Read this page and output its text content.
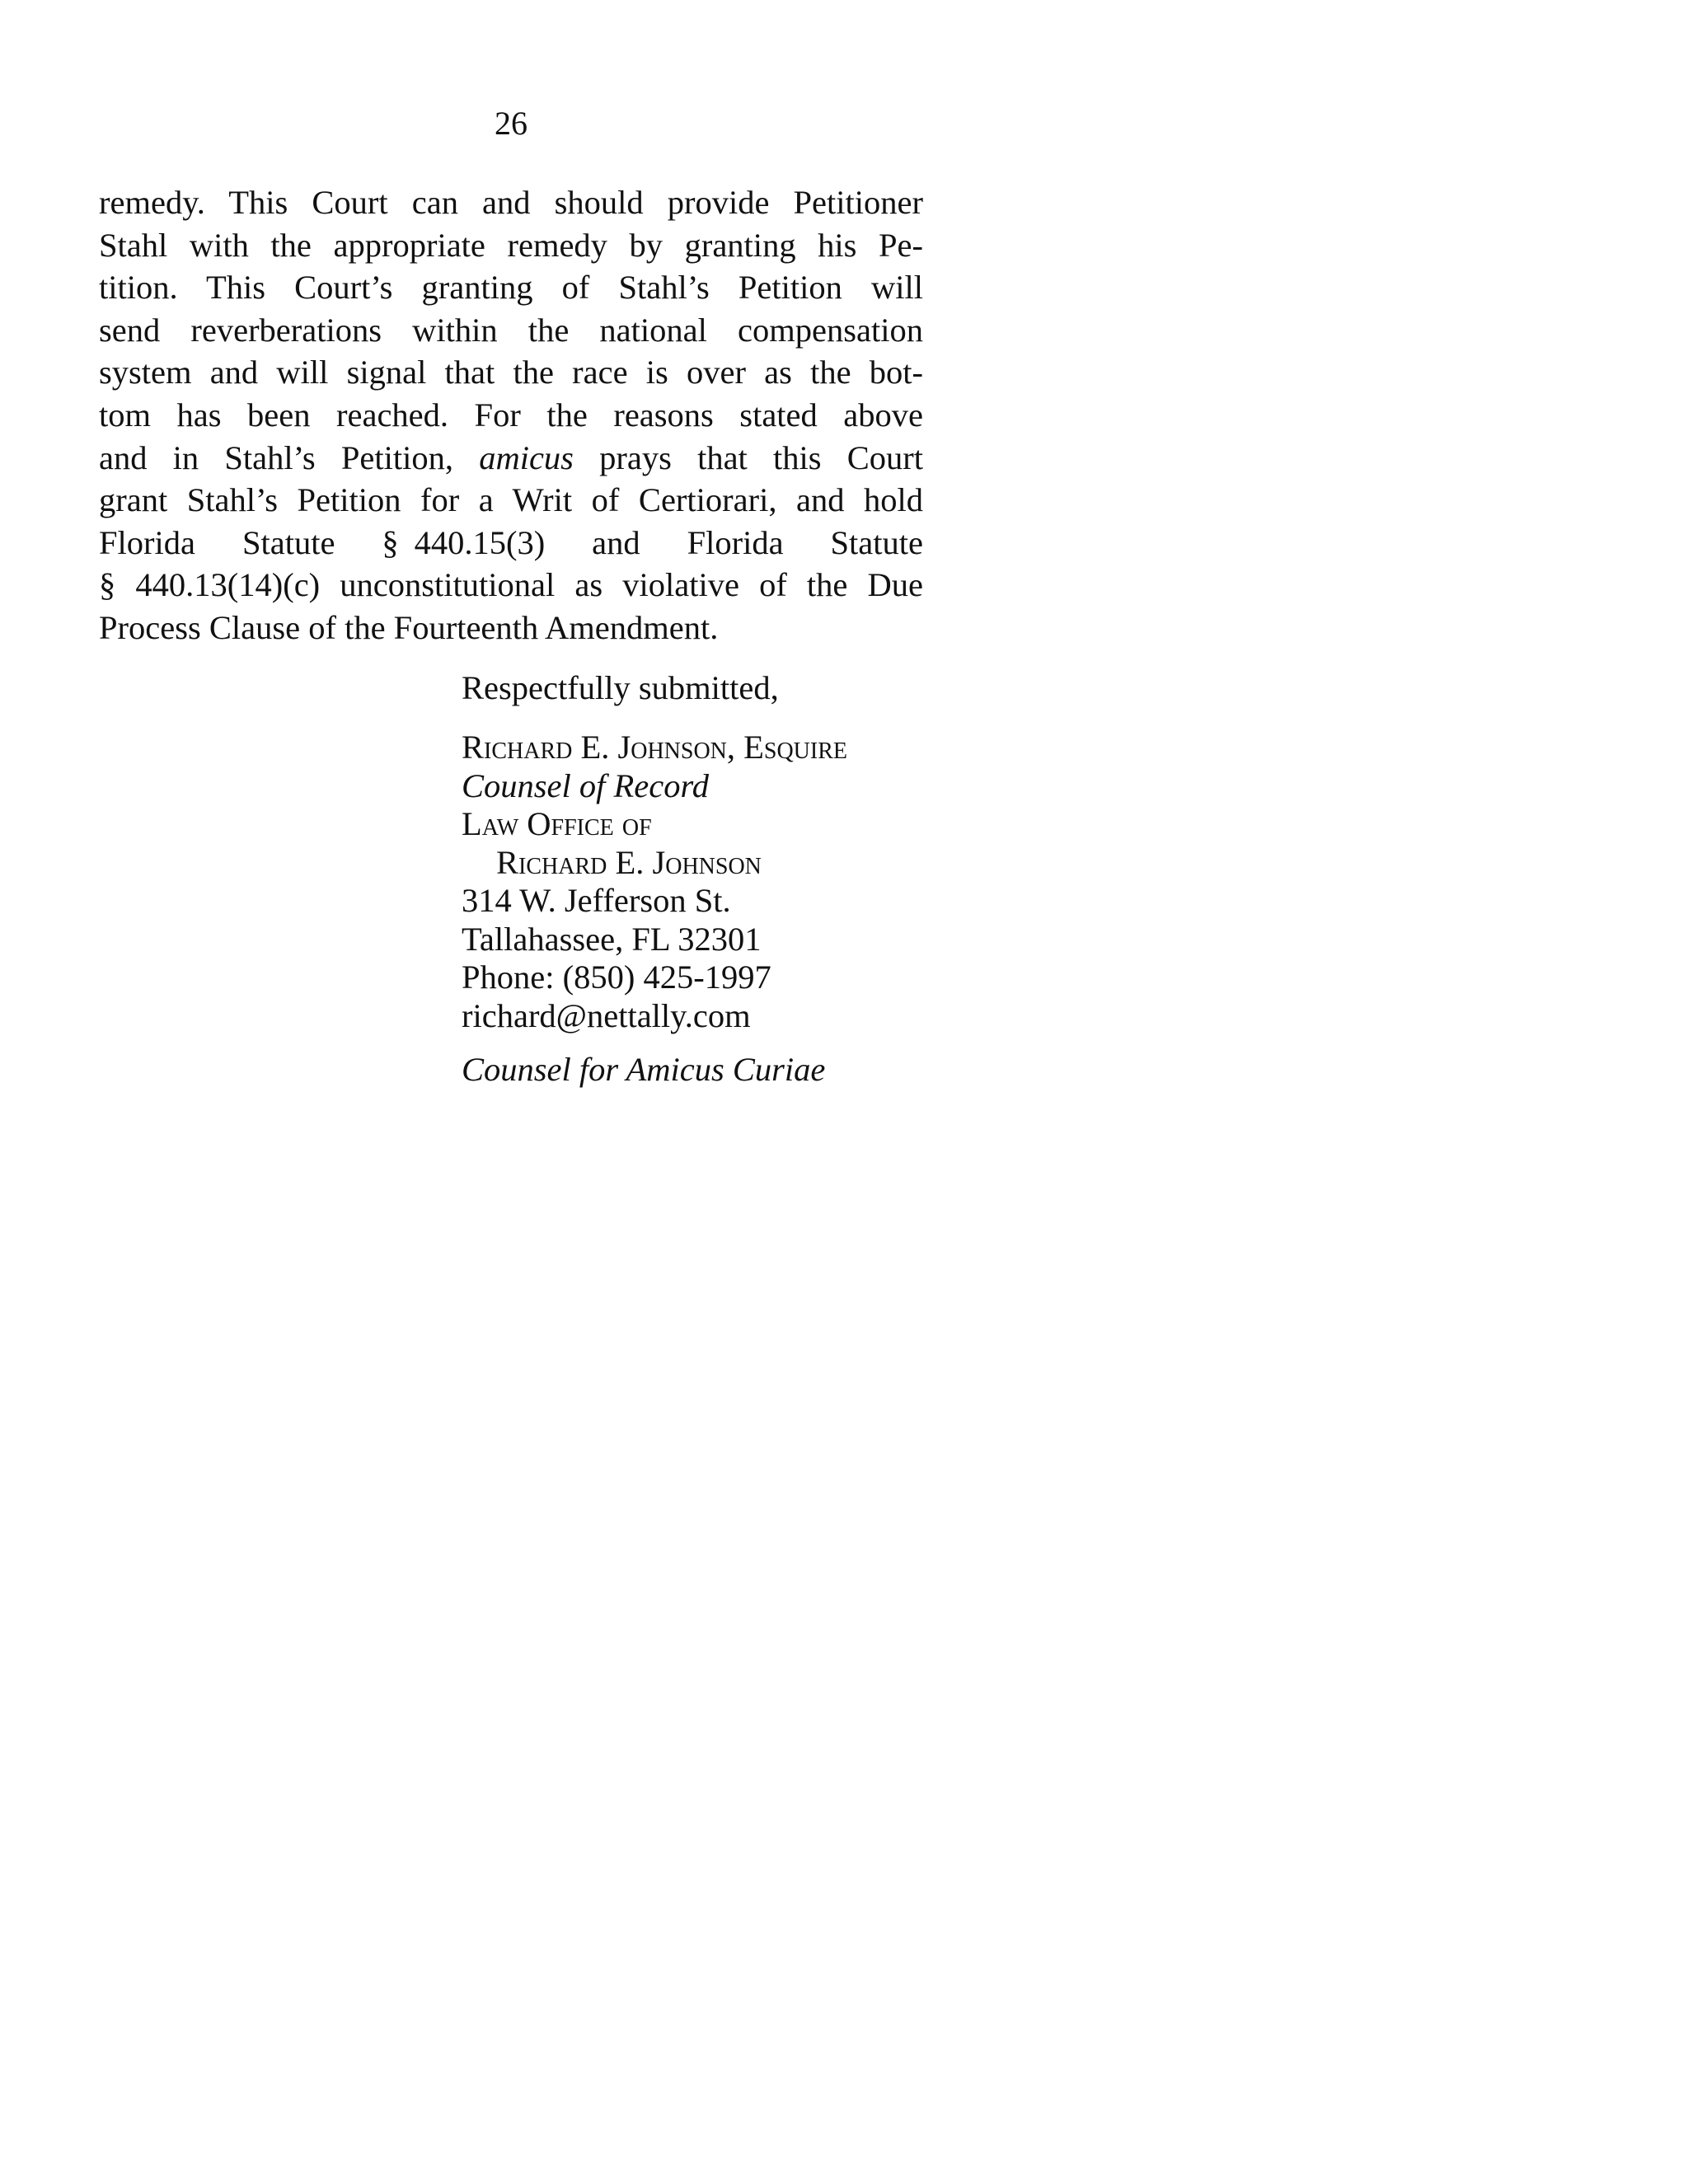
26
remedy. This Court can and should provide Petitioner
Stahl with the appropriate remedy by granting his Pe-
tition. This Court’s granting of Stahl’s Petition will
send reverberations within the national compensation
system and will signal that the race is over as the bot-
tom has been reached. For the reasons stated above
and in Stahl’s Petition, amicus prays that this Court
grant Stahl’s Petition for a Writ of Certiorari, and hold
Florida   Statute   § 440.15(3)   and   Florida   Statute
§ 440.13(14)(c) unconstitutional as violative of the Due
Process Clause of the Fourteenth Amendment.
Respectfully submitted,
Richard E. Johnson, Esquire
Counsel of Record
Law Office of
Richard E. Johnson
314 W. Jefferson St.
Tallahassee, FL 32301
Phone: (850) 425-1997
richard@nettally.com
Counsel for Amicus Curiae
